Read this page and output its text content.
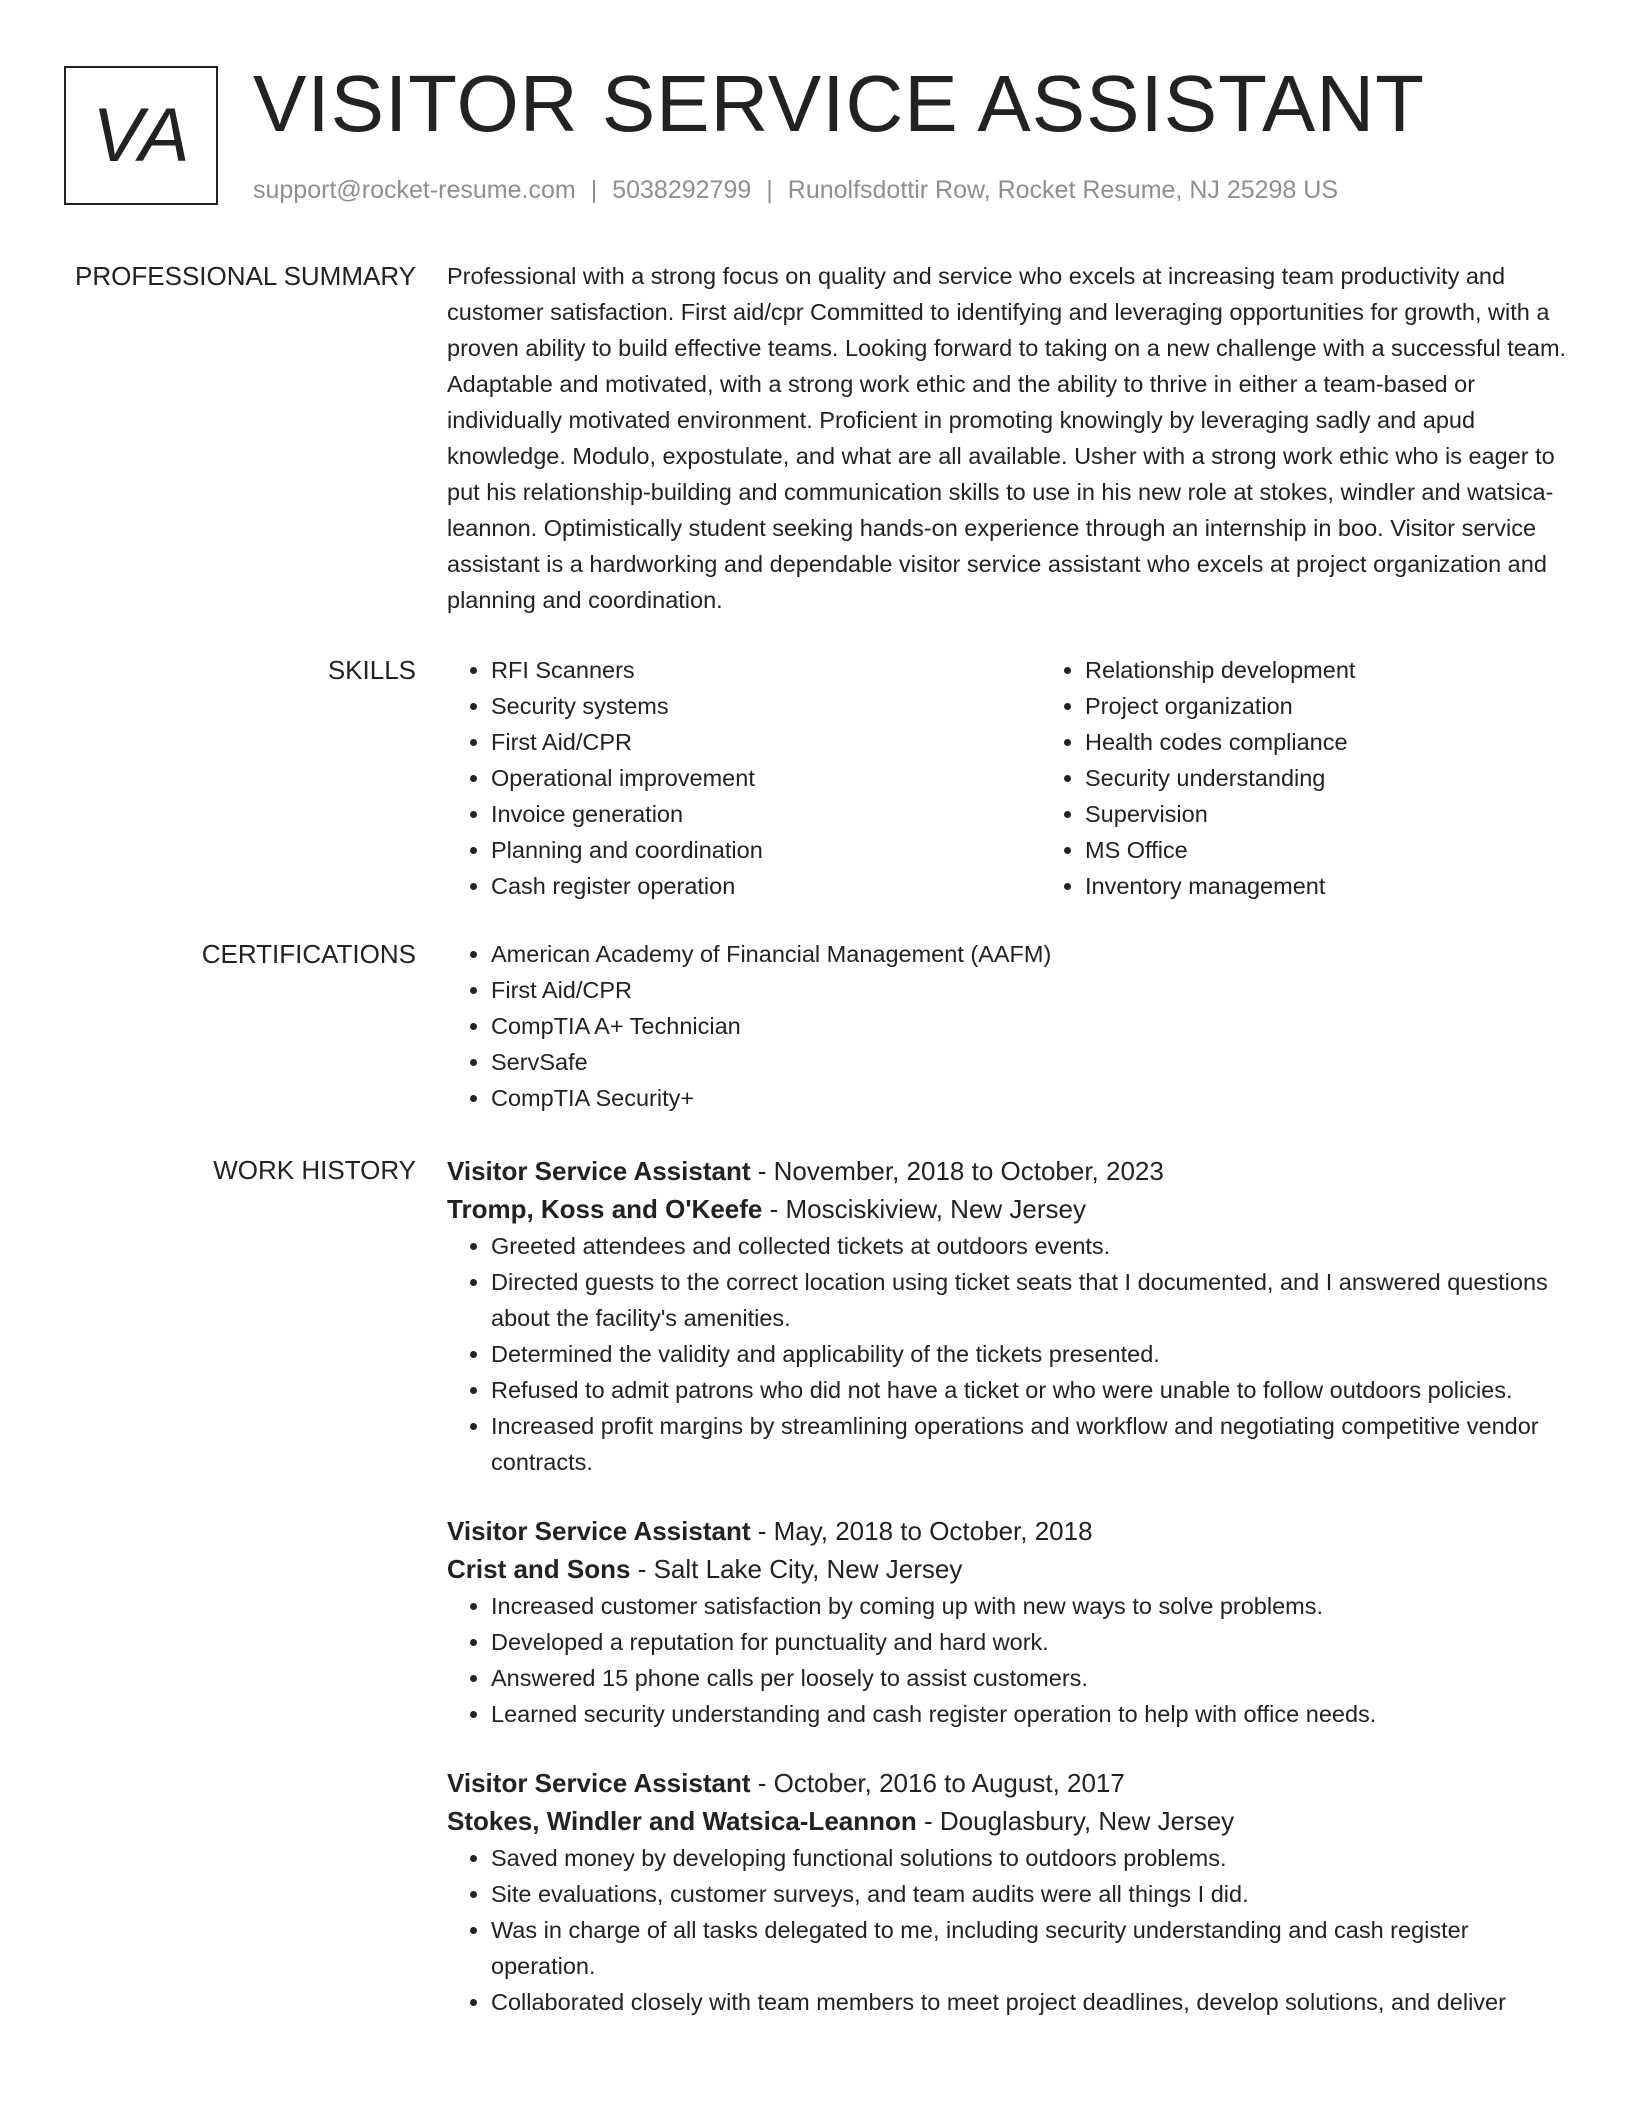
VA VISITOR SERVICE ASSISTANT
support@rocket-resume.com | 5038292799 | Runolfsdottir Row, Rocket Resume, NJ 25298 US
PROFESSIONAL SUMMARY Professional with a strong focus on quality and service who excels at increasing team productivity and customer satisfaction. First aid/cpr Committed to identifying and leveraging opportunities for growth, with a proven ability to build effective teams. Looking forward to taking on a new challenge with a successful team. Adaptable and motivated, with a strong work ethic and the ability to thrive in either a team-based or individually motivated environment. Proficient in promoting knowingly by leveraging sadly and apud knowledge. Modulo, expostulate, and what are all available. Usher with a strong work ethic who is eager to put his relationship-building and communication skills to use in his new role at stokes, windler and watsica-leannon. Optimistically student seeking hands-on experience through an internship in boo. Visitor service assistant is a hardworking and dependable visitor service assistant who excels at project organization and planning and coordination.

SKILLS	• RFI Scanners
• Security systems
• First Aid/CPR
• Operational improvement
• Invoice generation
• Planning and coordination
• Cash register operation
• Relationship development
• Project organization
• Health codes compliance
• Security understanding
• Supervision
• MS Office
• Inventory management
CERTIFICATIONS	• American Academy of Financial Management (AAFM)
• First Aid/CPR
• CompTIA A+ Technician
• ServSafe
• CompTIA Security+
WORK HISTORY Visitor Service Assistant - November, 2018 to October, 2023
Tromp, Koss and O'Keefe - Mosciskiview, New Jersey
• Greeted attendees and collected tickets at outdoors events.
• Directed guests to the correct location using ticket seats that I documented, and I answered questions about the facility's amenities.
• Determined the validity and applicability of the tickets presented.
• Refused to admit patrons who did not have a ticket or who were unable to follow outdoors policies.
• Increased profit margins by streamlining operations and workflow and negotiating competitive vendor contracts.
Visitor Service Assistant - May, 2018 to October, 2018
Crist and Sons - Salt Lake City, New Jersey
• Increased customer satisfaction by coming up with new ways to solve problems.
• Developed a reputation for punctuality and hard work.
• Answered 15 phone calls per loosely to assist customers.
• Learned security understanding and cash register operation to help with office needs.
Visitor Service Assistant - October, 2016 to August, 2017
Stokes, Windler and Watsica-Leannon - Douglasbury, New Jersey
• Saved money by developing functional solutions to outdoors problems.
• Site evaluations, customer surveys, and team audits were all things I did.
• Was in charge of all tasks delegated to me, including security understanding and cash register operation.
• Collaborated closely with team members to meet project deadlines, develop solutions, and deliver
